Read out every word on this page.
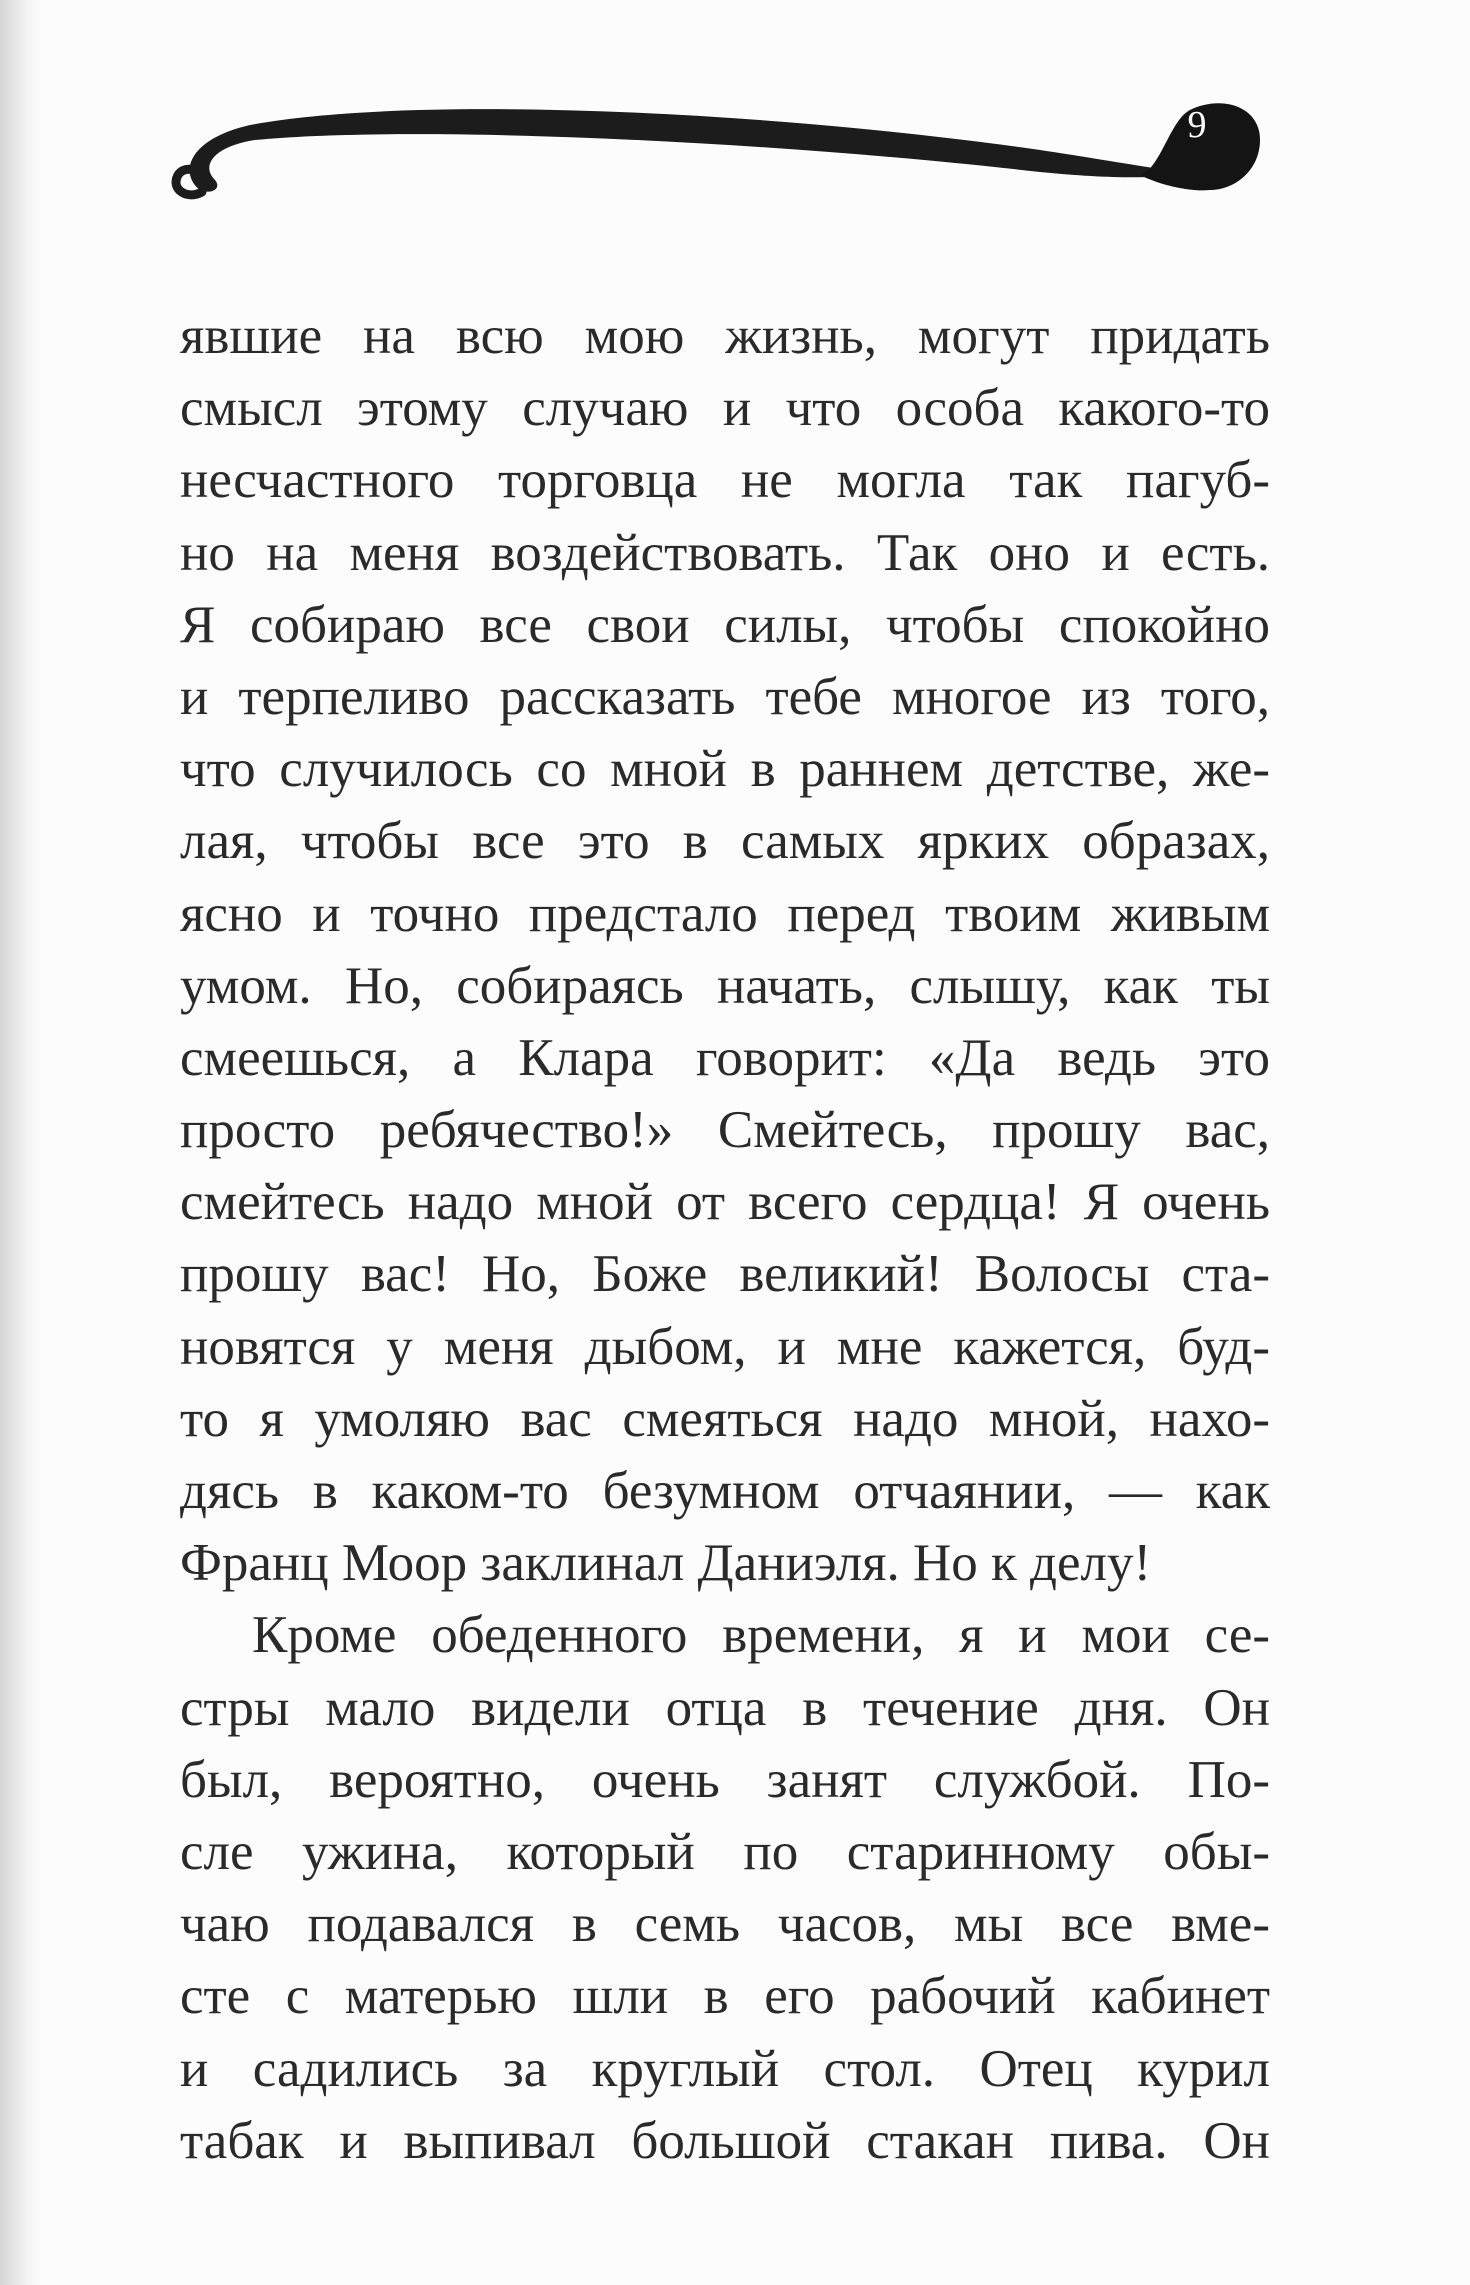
9
явшие на всю мою жизнь, могут придать
смысл этому случаю и что особа какого-то
несчастного торговца не могла так пагуб-
но на меня воздействовать. Так оно и есть.
Я собираю все свои силы, чтобы спокойно
и терпеливо рассказать тебе многое из того,
что случилось со мной в раннем детстве, же-
лая, чтобы все это в самых ярких образах,
ясно и точно предстало перед твоим живым
умом. Но, собираясь начать, слышу, как ты
смеешься, а Клара говорит: «Да ведь это
просто ребячество!» Смейтесь, прошу вас,
смейтесь надо мной от всего сердца! Я очень
прошу вас! Но, Боже великий! Волосы ста-
новятся у меня дыбом, и мне кажется, буд-
то я умоляю вас смеяться надо мной, нахо-
дясь в каком-то безумном отчаянии, — как
Франц Моор заклинал Даниэля. Но к делу!
Кроме обеденного времени, я и мои се-
стры мало видели отца в течение дня. Он
был, вероятно, очень занят службой. По-
сле ужина, который по старинному обы-
чаю подавался в семь часов, мы все вме-
сте с матерью шли в его рабочий кабинет
и садились за круглый стол. Отец курил
табак и выпивал большой стакан пива. Он
